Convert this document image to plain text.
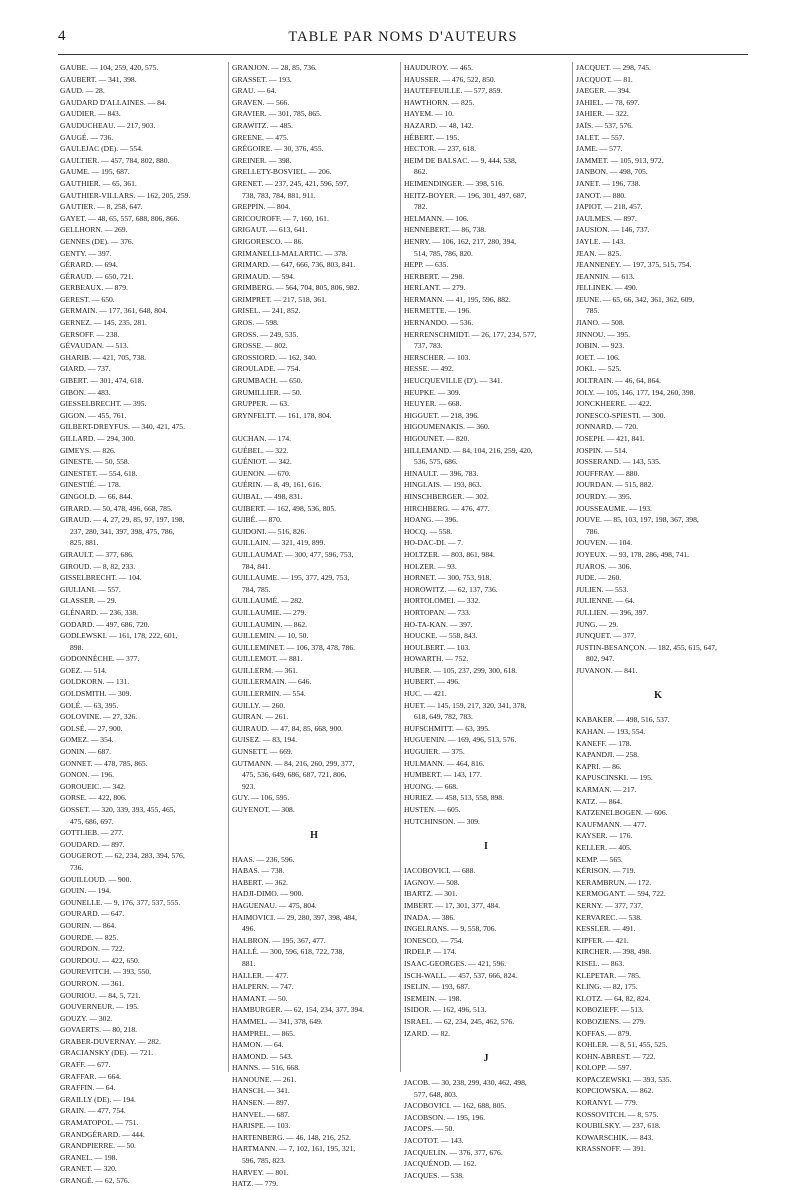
4	TABLE PAR NOMS D'AUTEURS
GAUBE. — 104, 259, 420, 575.
GAUBERT. — 341, 398.
GAUD. — 28.
GAUDARD D'ALLAINES. — 84.
GAUDIER. — 843.
GAUDUCHEAU. — 217, 903.
GAUGÉ. — 736.
GAULEJAC (DE). — 554.
GAULTIER. — 457, 784, 802, 880.
GAUME. — 195, 687.
GAUTHIER. — 65, 361.
GAUTHIER-VILLARS. — 162, 205, 259.
GAUTIER. — 8, 258, 647.
GAYET. — 48, 65, 557, 688, 806, 866.
GELLHORN. — 269.
GENNES (DE). — 376.
GENTY. — 397.
GÉRARD. — 694.
GÉRAUD. — 650, 721.
GERBEAUX. — 879.
GEREST. — 650.
GERMAIN. — 177, 361, 648, 804.
GERNEZ. — 145, 235, 281.
GERSOFF. — 238.
GÉVAUDAN. — 513.
GHARIB. — 421, 705, 738.
GIARD. — 737.
GIBERT. — 301, 474, 618.
GIBON. — 483.
GIESSELBRECHT. — 395.
GIGON. — 455, 761.
GILBERT-DREYFUS. — 340, 421, 475.
GILLARD. — 294, 300.
GIMEYS. — 826.
GINESTE. — 50, 558.
GINESTET. — 554, 618.
GINESTIÉ. — 178.
GINGOLD. — 66, 844.
GIRARD. — 50, 478, 496, 668, 785.
GIRAUD. — 4, 27, 29, 85, 97, 197, 198,
237, 280, 341, 397, 398, 475, 786,
825, 881.
GIRAULT. — 377, 686.
GIROUD. — 8, 82, 233.
GISSELBRECHT. — 104.
GIULIANI. — 557.
GLASSER. — 29.
GLÉNARD. — 236, 338.
GODARD. — 497, 686, 720.
GODLEWSKI. — 161, 178, 222, 601,
898.
GODONNÈCHE. — 377.
GOEZ. — 514.
GOLDKORN. — 131.
GOLDSMITH. — 309.
GOLÉ. — 63, 395.
GOLOVINE. — 27, 326.
GOLSÉ. — 27, 900.
GOMEZ. — 354.
GONIN. — 687.
GONNET. — 478, 785, 865.
GONON. — 196.
GOROUEIC. — 342.
GORSE. — 422, 806.
GOSSET. — 320, 339, 393, 455, 465,
475, 686, 697.
GOTTLIEB. — 277.
GOUDARD. — 897.
GOUGEROT. — 62, 234, 283, 394, 576,
736.
GOUILLOUD. — 900.
GOUIN. — 194.
GOUNELLE. — 9, 176, 377, 537, 555.
GOURARD. — 647.
GOURIN. — 864.
GOURDE. — 825.
GOURDON. — 722.
GOURDOU. — 422, 650.
GOUREVITCH. — 393, 550.
GOURRON. — 361.
GOURIOU. — 84, 5, 721.
GOUVERNEUR. — 195.
GOUZY. — 302.
GOVAERTS. — 80, 218.
GRABER-DUVERNAY. — 282.
GRACIANSKY (DE). — 721.
GRAFF. — 677.
GRAFFAR. — 664.
GRAFFIN. — 64.
GRAILLY (DE). — 194.
GRAIN. — 477, 754.
GRAMATOPOL. — 751.
GRANDGÉRARD. — 444.
GRANDPIERRE. — 50.
GRANEL. — 198.
GRANET. — 320.
GRANGÉ. — 62, 576.
GRANJON. — 28, 85, 736.
GRASSET. — 193.
GRAU. — 64.
GRAVEN. — 566.
GRAVIER. — 301, 785, 865.
GRAWITZ. — 485.
GREENE. — 475.
GRÉGOIRE. — 30, 376, 455.
GREINER. — 398.
GRELLETY-BOSVIEL. — 206.
GRENET. — 237, 245, 421, 596, 597,
738, 783, 784, 881, 911.
GREPPIN. — 804.
GRICOUROFF. — 7, 160, 161.
GRIGAUT. — 613, 641.
GRIGORESCO. — 86.
GRIMANELLI-MALARTIC. — 378.
GRIMARD. — 647, 666, 736, 803, 841.
GRIMAUD. — 594.
GRIMBERG. — 564, 704, 805, 806, 982.
GRIMPRET. — 217, 518, 361.
GRISEL. — 241, 852.
GROS. — 598.
GROSS. — 249, 535.
GROSSE. — 802.
GROSSIORD. — 162, 340.
GROULADE. — 754.
GRUMBACH. — 650.
GRUMILLIER. — 50.
GRUPPER. — 63.
GRYNFELTT. — 161, 178, 804.

GUCHAN. — 174.
GUÉBEL. — 322.
GUÉNIOT. — 342.
GUENON. — 670.
GUÉRIN. — 8, 49, 161, 616.
GUIBAL. — 498, 831.
GUIBERT. — 162, 498, 536, 805.
GUIBÉ. — 870.
GUIDONI. — 516, 826.
GUILLAIN. — 321, 419, 899.
GUILLAUMAT. — 300, 477, 596, 753,
784, 841.
GUILLAUME. — 195, 377, 429, 753,
784, 785.
GUILLAUMÉ. — 282.
GUILLAUMIE. — 279.
GUILLAUMIN. — 862.
GUILLEMIN. — 10, 50.
GUILLEMINET. — 106, 378, 478, 786.
GUILLEMOT. — 881.
GUILLERM. — 361.
GUILLERMAIN. — 646.
GUILLERMIN. — 554.
GUILLY. — 260.
GUIRAN. — 261.
GUIRAUD. — 47, 84, 85, 668, 900.
GUISEZ. — 83, 194.
GUNSETT. — 669.
GUTMANN. — 84, 216, 260, 299, 377,
475, 536, 649, 686, 687, 721, 806,
923.
GUY. — 106, 595.
GUYENOT. — 308.
H
HAAS. — 236, 596.
HABAS. — 738.
HABERT. — 362.
HADJI-DIMO. — 900.
HAGUENAU. — 475, 804.
HAIMOVICI. — 29, 280, 397, 398, 484,
496.
HALBRON. — 195, 367, 477.
HALLÉ. — 300, 596, 618, 722, 738,
881.
HALLER. — 477.
HALPERN. — 747.
HAMANT. — 50.
HAMBURGER. — 62, 154, 234, 377, 394.
HAMMEL. — 341, 378, 649.
HAMPREL. — 865.
HAMON. — 64.
HAMOND. — 543.
HANNS. — 516, 668.
HANOUNE. — 261.
HANSCH. — 341.
HANSEN. — 897.
HANVEL. — 687.
HARISPE. — 103.
HARTENBERG. — 46, 148, 216, 252.
HARTMANN. — 7, 102, 161, 195, 321,
596, 785, 823.
HARVEY. — 801.
HATZ. — 779.
HAUDUROY. — 465.
HAUSSER. — 476, 522, 850.
HAUTEFEUILLE. — 577, 859.
HAWTHORN. — 825.
HAYEM. — 10.
HAZARD. — 48, 142.
HÉBERT. — 195.
HECTOR. — 237, 618.
HEIM DE BALSAC. — 9, 444, 538,
862.
HEIMENDINGER. — 398, 516.
HEITZ-BOYER. — 196, 301, 497, 687,
782.
HELMANN. — 106.
HENNEBERT. — 86, 738.
HENRY. — 106, 162, 217, 280, 394,
514, 785, 786, 820.
HEPP. — 635.
HERBERT. — 298.
HERLANT. — 279.
HERMANN. — 41, 195, 596, 882.
HERMETTE. — 196.
HERNANDO. — 536.
HERRENSCHMIDT. — 26, 177, 234, 577,
737, 783.
HERSCHER. — 103.
HESSE. — 492.
HEUCQUEVILLE (D'). — 341.
HEUPKE. — 309.
HEUYER. — 668.
HIGGUET. — 218, 396.
HIGOUMENAKIS. — 360.
HIGOUNET. — 820.
HILLEMAND. — 84, 104, 216, 259, 420,
536, 575, 686.
HINAULT. — 396, 783.
HINGLAIS. — 193, 863.
HINSCHBERGER. — 302.
HIRCHBERG. — 476, 477.
HOANG. — 396.
HOCQ. — 558.
HO-DAC-DI. — 7.
HOLTZER. — 803, 861, 984.
HOLZER. — 93.
HORNET. — 300, 753, 918.
HOROWITZ. — 62, 137, 736.
HORTOLOMEI. — 332.
HORTOPAN. — 733.
HO-TA-KAN. — 397.
HOUCKE. — 558, 843.
HOULBERT. — 103.
HOWARTH. — 752.
HUBER. — 105, 237, 299, 300, 618.
HUBERT. — 496.
HUC. — 421.
HUET. — 145, 159, 217, 320, 341, 378,
618, 649, 782, 783.
HUFSCHMITT. — 63, 395.
HUGUENIN. — 169, 496, 513, 576.
HUGUIER. — 375.
HULMANN. — 464, 816.
HUMBERT. — 143, 177.
HUONG. — 668.
HURIEZ. — 458, 513, 558, 898.
HUSTEN. — 605.
HUTCHINSON. — 309.
I
IACOBOVICI. — 688.
IAGNOV. — 508.
IBARTZ. — 301.
IMBERT. — 17, 301, 377, 484.
INADA. — 386.
INGELRANS. — 9, 558, 706.
IONESCO. — 754.
IRDELP. — 174.
ISAAC-GEORGES. — 421, 596.
ISCH-WALL. — 457, 537, 666, 824.
ISELIN. — 193, 687.
ISEMEIN. — 198.
ISIDOR. — 162, 496, 513.
ISRAEL. — 62, 234, 245, 462, 576.
IZARD. — 82.
J
JACOB. — 30, 238, 299, 430, 462, 498,
577, 648, 803.
JACOBOVICI. — 162, 688, 805.
JACOBSON. — 195, 196.
JACOPS. — 50.
JACOTOT. — 143.
JACQUELIN. — 376, 377, 676.
JACQUÉNOD. — 162.
JACQUES. — 538.
JACQUET. — 298, 745.
JACQUOT. — 81.
JAEGER. — 394.
JAHIEL. — 78, 697.
JAHIER. — 322.
JAÏS. — 537, 576.
JALET. — 557.
JAME. — 577.
JAMMET. — 105, 913, 972.
JANBON. — 498, 705.
JANET. — 196, 738.
JANOT. — 880.
JAPIOT. — 218, 457.
JAULMES. — 897.
JAUSION. — 146, 737.
JAYLE. — 143.
JEAN. — 825.
JEANNENEY. — 197, 375, 515, 754.
JEANNIN. — 613.
JELLINEK. — 490.
JEUNE. — 65, 66, 342, 361, 362, 609,
785.
JIANO. — 508.
JINNOU. — 395.
JOBIN. — 923.
JOET. — 106.
JOKL. — 525.
JOLTRAIN. — 46, 64, 864.
JOLY. — 105, 146, 177, 194, 260, 398.
JONCKHEERE. — 422.
JONESCO-SPIESTI. — 300.
JONNARD. — 720.
JOSEPH. — 421, 841.
JOSPIN. — 514.
JOSSERAND. — 143, 535.
JOUFFRAY. — 880.
JOURDAN. — 515, 882.
JOURDY. — 395.
JOUSSEAUME. — 193.
JOUVE. — 85, 103, 197, 198, 367, 398,
786.
JOUVEN. — 104.
JOYEUX. — 93, 178, 286, 498, 741.
JUAROS. — 306.
JUDE. — 260.
JULIEN. — 553.
JULIENNE. — 64.
JULLIEN. — 396, 397.
JUNG. — 29.
JUNQUET. — 377.
JUSTIN-BESANÇON. — 182, 455, 615, 647,
802, 947.
JUVANON. — 841.
K
KABAKER. — 498, 516, 537.
KAHAN. — 193, 554.
KANEFF. — 178.
KAPANDJI. — 258.
KAPRI. — 86.
KAPUSCINSKI. — 195.
KARMAN. — 217.
KATZ. — 864.
KATZENELBOGEN. — 606.
KAUFMANN. — 477.
KAYSER. — 176.
KELLER. — 405.
KEMP. — 565.
KÉRISON. — 719.
KERAMBRUN. — 172.
KERMOGANT. — 594, 722.
KERNY. — 377, 737.
KERVAREC. — 538.
KESSLER. — 491.
KIPFER. — 421.
KIRCHER. — 398, 498.
KISEL. — 863.
KLEPETAR. — 785.
KLING. — 82, 175.
KLOTZ. — 64, 82, 824.
KOBOZIEFF. — 513.
KOBOZIENS. — 279.
KOFFAS. — 879.
KOHLER. — 8, 51, 455, 525.
KOHN-ABREST. — 722.
KOLOPP. — 597.
KOPACZEWSKI. — 393, 535.
KOPCIOWSKA. — 862.
KORANYI. — 779.
KOSSOVITCH. — 8, 575.
KOUBILSKY. — 237, 618.
KOWARSCHIK. — 843.
KRASSNOFF. — 391.
